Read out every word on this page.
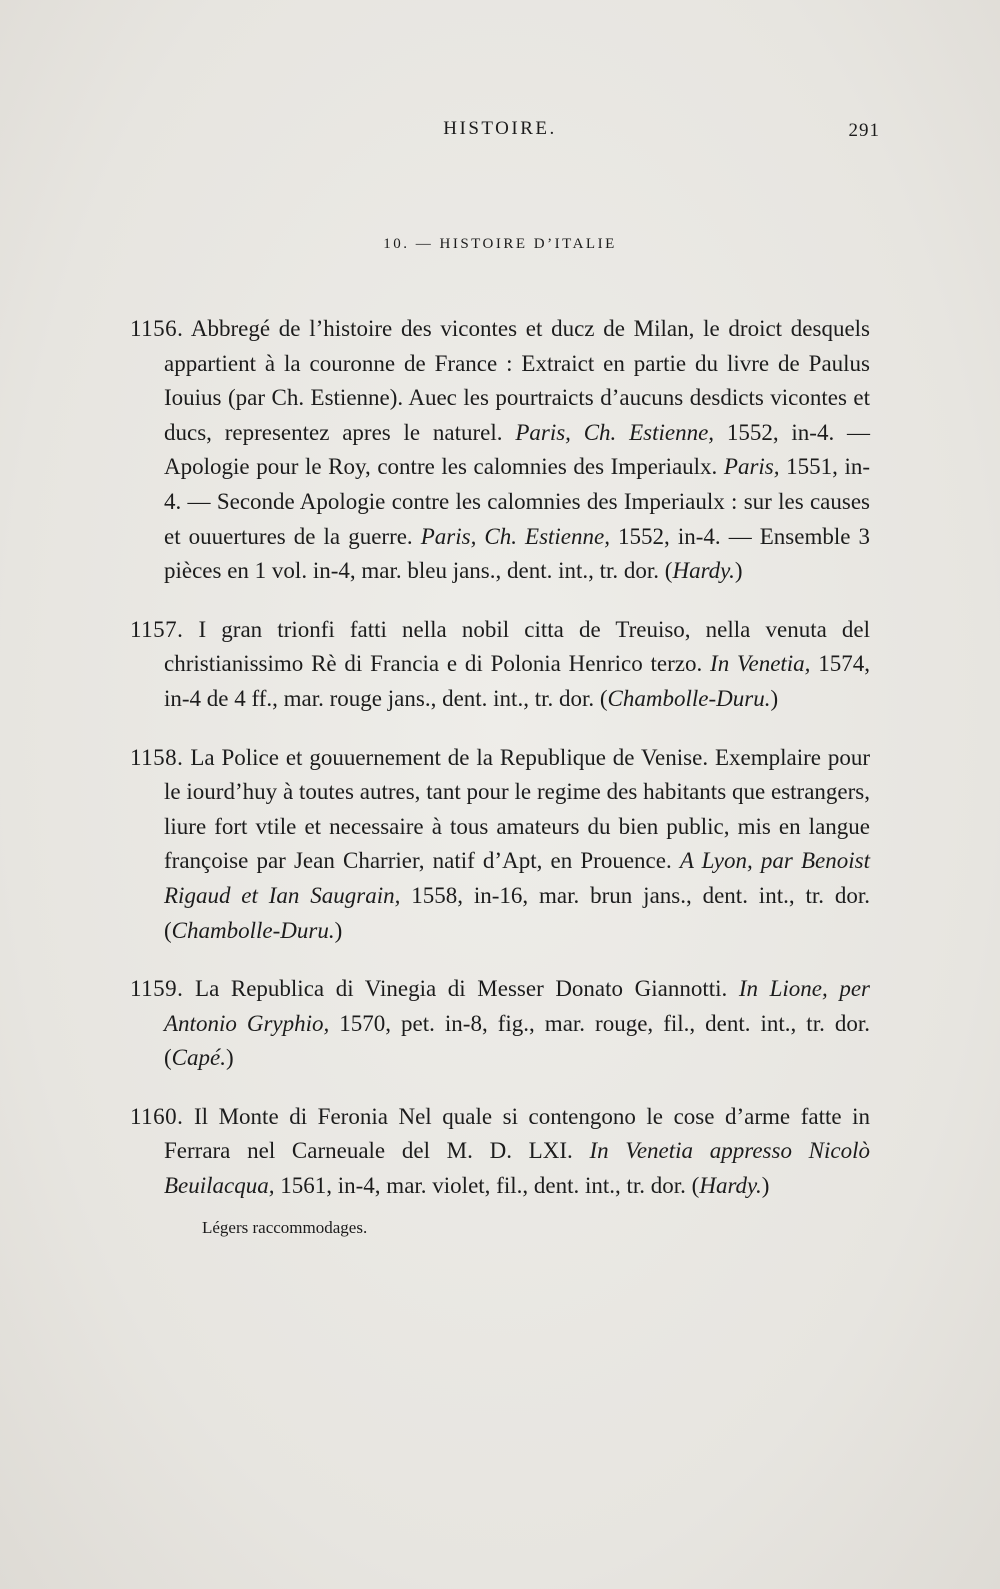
HISTOIRE.	291
10. — HISTOIRE D’ITALIE
1156. Abbregé de l’histoire des vicontes et ducz de Milan, le droict desquels appartient à la couronne de France : Extraict en partie du livre de Paulus Iouius (par Ch. Estienne). Auec les pourtraicts d’aucuns desdicts vicontes et ducs, representez apres le naturel. Paris, Ch. Estienne, 1552, in-4. — Apologie pour le Roy, contre les calomnies des Imperiaulx. Paris, 1551, in-4. — Seconde Apologie contre les calomnies des Imperiaulx : sur les causes et ouuertures de la guerre. Paris, Ch. Estienne, 1552, in-4. — Ensemble 3 pièces en 1 vol. in-4, mar. bleu jans., dent. int., tr. dor. (Hardy.)
1157. I gran trionfi fatti nella nobil citta de Treuiso, nella venuta del christianissimo Rè di Francia e di Polonia Henrico terzo. In Venetia, 1574, in-4 de 4 ff., mar. rouge jans., dent. int., tr. dor. (Chambolle-Duru.)
1158. La Police et gouuernement de la Republique de Venise. Exemplaire pour le iourd’huy à toutes autres, tant pour le regime des habitants que estrangers, liure fort vtile et necessaire à tous amateurs du bien public, mis en langue françoise par Jean Charrier, natif d’Apt, en Prouence. A Lyon, par Benoist Rigaud et Ian Saugrain, 1558, in-16, mar. brun jans., dent. int., tr. dor. (Chambolle-Duru.)
1159. La Republica di Vinegia di Messer Donato Giannotti. In Lione, per Antonio Gryphio, 1570, pet. in-8, fig., mar. rouge, fil., dent. int., tr. dor. (Capé.)
1160. Il Monte di Feronia Nel quale si contengono le cose d’arme fatte in Ferrara nel Carneuale del M. D. LXI. In Venetia appresso Nicolò Beuilacqua, 1561, in-4, mar. violet, fil., dent. int., tr. dor. (Hardy.)
Légers raccommodages.
